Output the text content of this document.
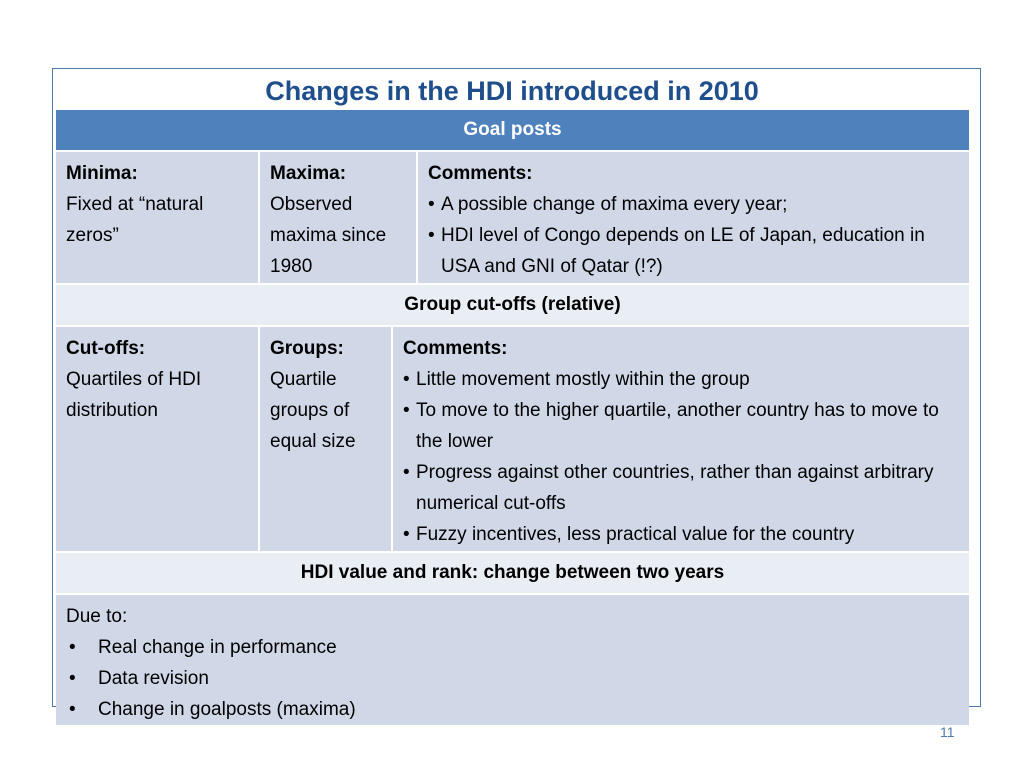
Changes in the HDI introduced in 2010
Goal posts
Minima:
Fixed at “natural zeros”
Maxima:
Observed maxima since 1980
Comments:
• A possible change of maxima every year;
• HDI level of Congo depends on LE of Japan, education in USA and GNI of Qatar (!?)
Group cut-offs (relative)
Cut-offs:
Quartiles of HDI distribution
Groups:
Quartile groups of equal size
Comments:
• Little movement mostly within the group
• To move to the higher quartile, another country has to move to the lower
• Progress against other countries, rather than against arbitrary numerical cut-offs
• Fuzzy incentives, less practical value for the country
HDI value and rank: change between two years
Due to:
• Real change in performance
• Data revision
• Change in goalposts (maxima)
11
